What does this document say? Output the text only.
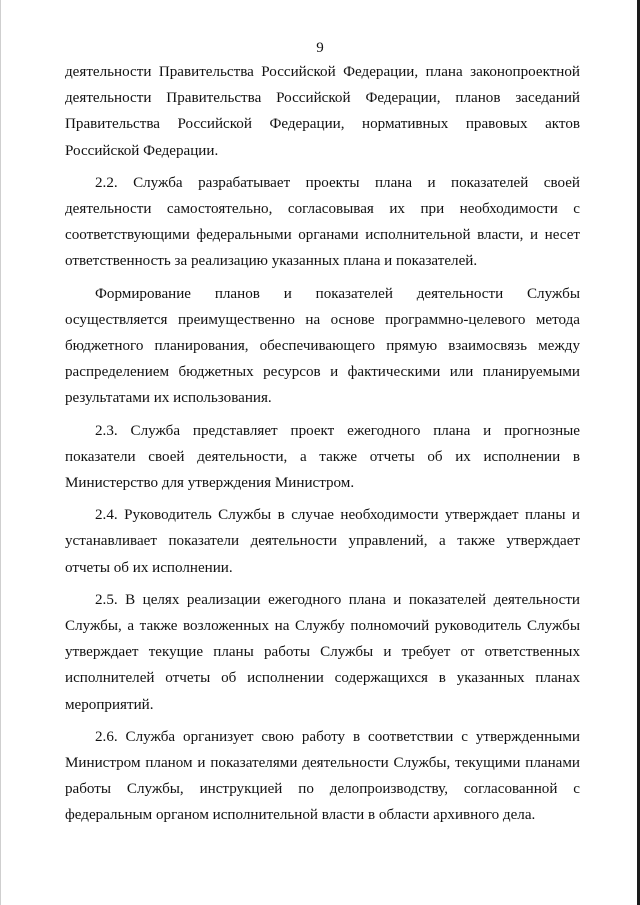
9

деятельности Правительства Российской Федерации, плана законопроектной деятельности Правительства Российской Федерации, планов заседаний Правительства Российской Федерации, нормативных правовых актов Российской Федерации.

2.2. Служба разрабатывает проекты плана и показателей своей деятельности самостоятельно, согласовывая их при необходимости с соответствующими федеральными органами исполнительной власти, и несет ответственность за реализацию указанных плана и показателей.

Формирование планов и показателей деятельности Службы осуществляется преимущественно на основе программно-целевого метода бюджетного планирования, обеспечивающего прямую взаимосвязь между распределением бюджетных ресурсов и фактическими или планируемыми результатами их использования.

2.3. Служба представляет проект ежегодного плана и прогнозные показатели своей деятельности, а также отчеты об их исполнении в Министерство для утверждения Министром.

2.4. Руководитель Службы в случае необходимости утверждает планы и устанавливает показатели деятельности управлений, а также утверждает отчеты об их исполнении.

2.5. В целях реализации ежегодного плана и показателей деятельности Службы, а также возложенных на Службу полномочий руководитель Службы утверждает текущие планы работы Службы и требует от ответственных исполнителей отчеты об исполнении содержащихся в указанных планах мероприятий.

2.6. Служба организует свою работу в соответствии с утвержденными Министром планом и показателями деятельности Службы, текущими планами работы Службы, инструкцией по делопроизводству, согласованной с федеральным органом исполнительной власти в области архивного дела.
